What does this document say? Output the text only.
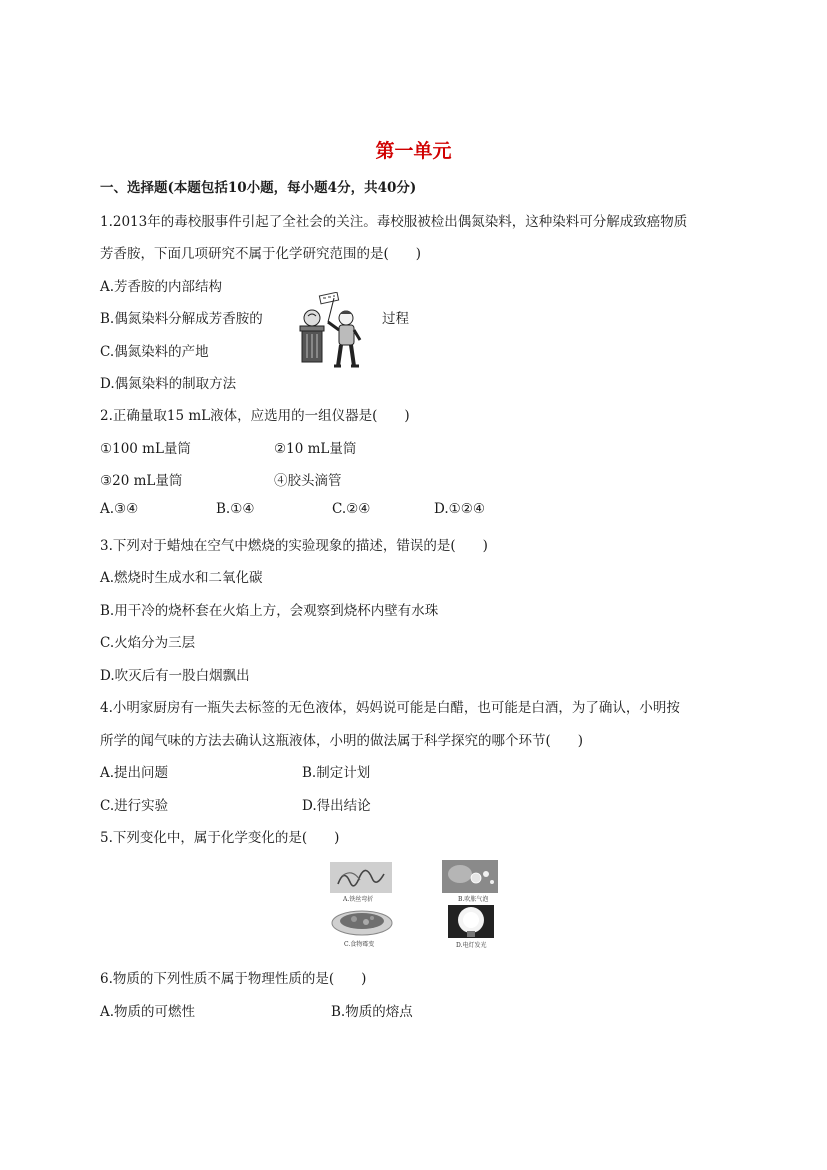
第一单元
一、选择题(本题包括10小题，每小题4分，共40分)
1.2013年的毒校服事件引起了全社会的关注。毒校服被检出偶氮染料，这种染料可分解成致癌物质
芳香胺，下面几项研究不属于化学研究范围的是(　　)
A.芳香胺的内部结构
B.偶氮染料分解成芳香胺的	过程
C.偶氮染料的产地
D.偶氮染料的制取方法
2.正确量取15 mL液体，应选用的一组仪器是(　　)
①100 mL量筒	②10 mL量筒
③20 mL量筒	④胶头滴管
A.③④	B.①④	C.②④	D.①②④
3.下列对于蜡烛在空气中燃烧的实验现象的描述，错误的是(　　)
A.燃烧时生成水和二氧化碳
B.用干冷的烧杯套在火焰上方，会观察到烧杯内壁有水珠
C.火焰分为三层
D.吹灭后有一股白烟飘出
4.小明家厨房有一瓶失去标签的无色液体，妈妈说可能是白醋，也可能是白酒，为了确认，小明按
所学的闻气味的方法去确认这瓶液体，小明的做法属于科学探究的哪个环节(　　)
A.提出问题	B.制定计划
C.进行实验	D.得出结论
5.下列变化中，属于化学变化的是(　　)
A.铁丝弯折	B.吹胀气泡
C.食物霉变	D.电灯发光
6.物质的下列性质不属于物理性质的是(　　)
A.物质的可燃性	B.物质的熔点
